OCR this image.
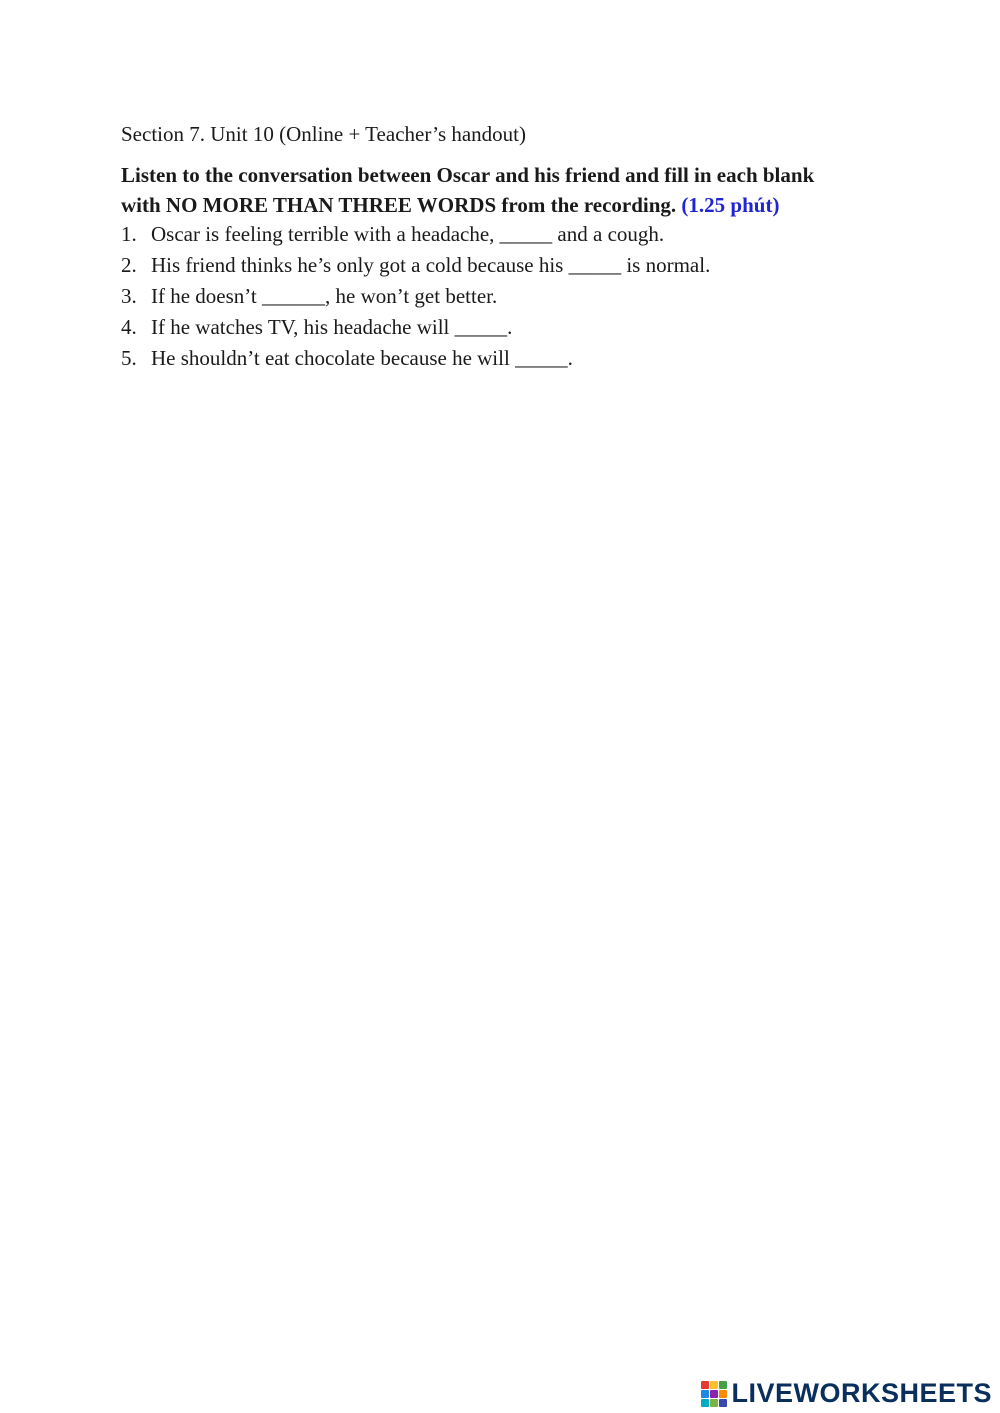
Section 7. Unit 10 (Online + Teacher’s handout)
Listen to the conversation between Oscar and his friend and fill in each blank
with NO MORE THAN THREE WORDS from the recording. (1.25 phút)
1. Oscar is feeling terrible with a headache, _____ and a cough.
2. His friend thinks he’s only got a cold because his _____ is normal.
3. If he doesn’t ______, he won’t get better.
4. If he watches TV, his headache will _____.
5. He shouldn’t eat chocolate because he will _____.
LIVEWORKSHEETS
